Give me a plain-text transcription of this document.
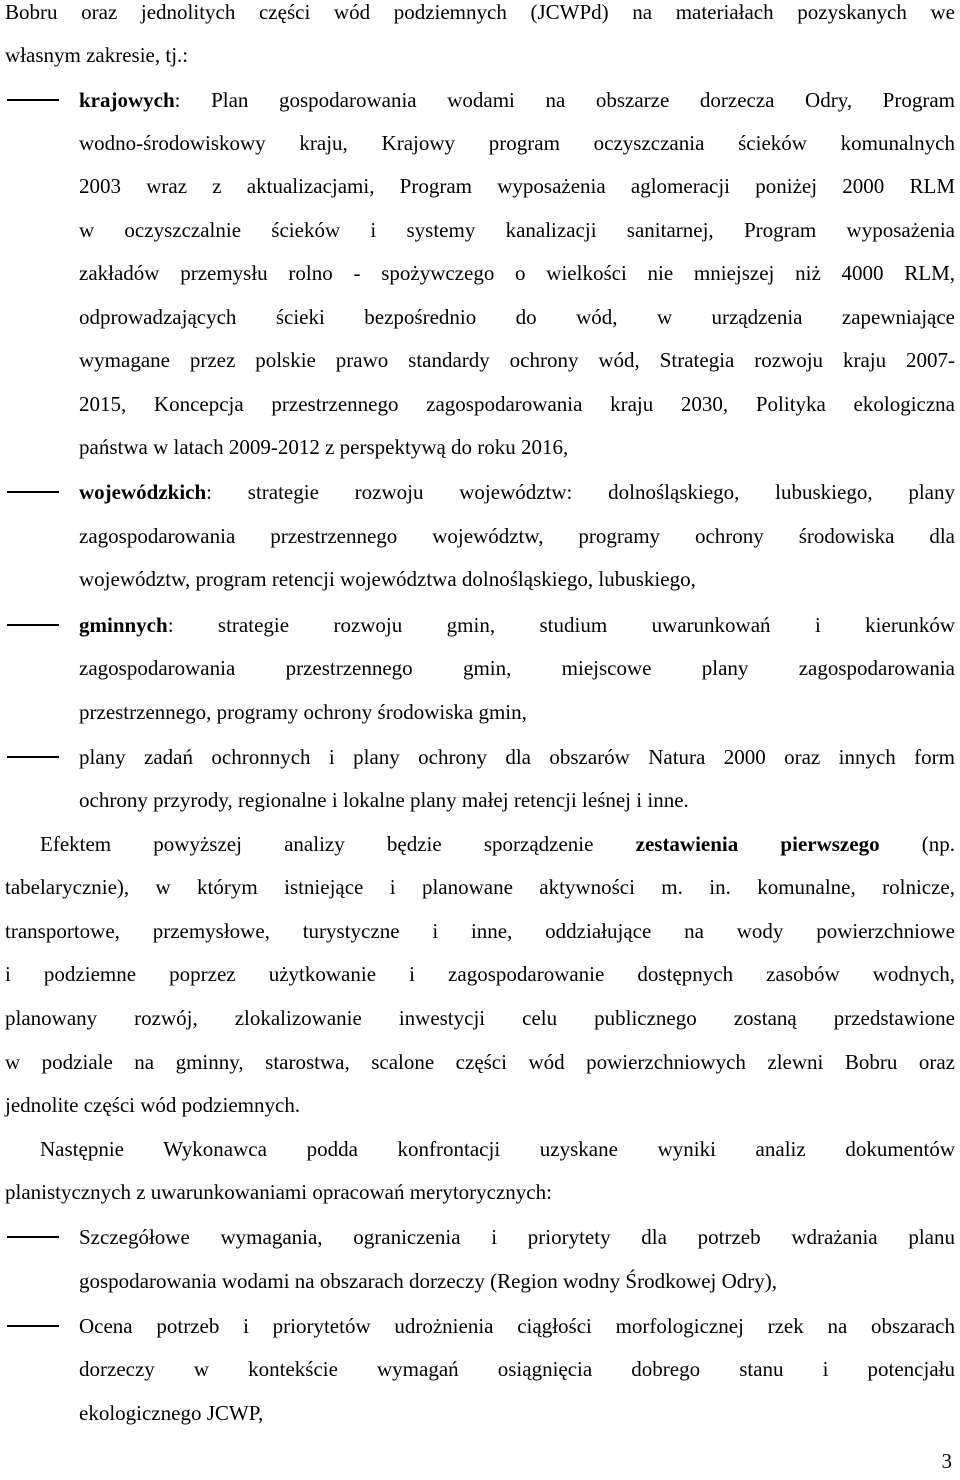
Bobru oraz jednolitych części wód podziemnych (JCWPd) na materiałach pozyskanych we
własnym zakresie, tj.:
krajowych: Plan gospodarowania wodami na obszarze dorzecza Odry, Program
wodno-środowiskowy kraju, Krajowy program oczyszczania ścieków komunalnych
2003 wraz z aktualizacjami, Program wyposażenia aglomeracji poniżej 2000 RLM
w oczyszczalnie ścieków i systemy kanalizacji sanitarnej, Program wyposażenia
zakładów przemysłu rolno - spożywczego o wielkości nie mniejszej niż 4000 RLM,
odprowadzających ścieki bezpośrednio do wód, w urządzenia zapewniające
wymagane przez polskie prawo standardy ochrony wód, Strategia rozwoju kraju 2007-
2015, Koncepcja przestrzennego zagospodarowania kraju 2030, Polityka ekologiczna
państwa w latach 2009-2012 z perspektywą do roku 2016,
wojewódzkich: strategie rozwoju województw: dolnośląskiego, lubuskiego, plany
zagospodarowania przestrzennego województw, programy ochrony środowiska dla
województw, program retencji województwa dolnośląskiego, lubuskiego,
gminnych: strategie rozwoju gmin, studium uwarunkowań i kierunków
zagospodarowania przestrzennego gmin, miejscowe plany zagospodarowania
przestrzennego, programy ochrony środowiska gmin,
plany zadań ochronnych i plany ochrony dla obszarów Natura 2000 oraz innych form
ochrony przyrody, regionalne i lokalne plany małej retencji leśnej i inne.
Efektem powyższej analizy będzie sporządzenie zestawienia pierwszego (np.
tabelarycznie), w którym istniejące i planowane aktywności m. in. komunalne, rolnicze,
transportowe, przemysłowe, turystyczne i inne, oddziałujące na wody powierzchniowe
i podziemne poprzez użytkowanie i zagospodarowanie dostępnych zasobów wodnych,
planowany rozwój, zlokalizowanie inwestycji celu publicznego zostaną przedstawione
w podziale na gminny, starostwa, scalone części wód powierzchniowych zlewni Bobru oraz
jednolite części wód podziemnych.
Następnie Wykonawca podda konfrontacji uzyskane wyniki analiz dokumentów
planistycznych z uwarunkowaniami opracowań merytorycznych:
Szczegółowe wymagania, ograniczenia i priorytety dla potrzeb wdrażania planu
gospodarowania wodami na obszarach dorzeczy (Region wodny Środkowej Odry),
Ocena potrzeb i priorytetów udrożnienia ciągłości morfologicznej rzek na obszarach
dorzeczy w kontekście wymagań osiągnięcia dobrego stanu i potencjału
ekologicznego JCWP,
3
